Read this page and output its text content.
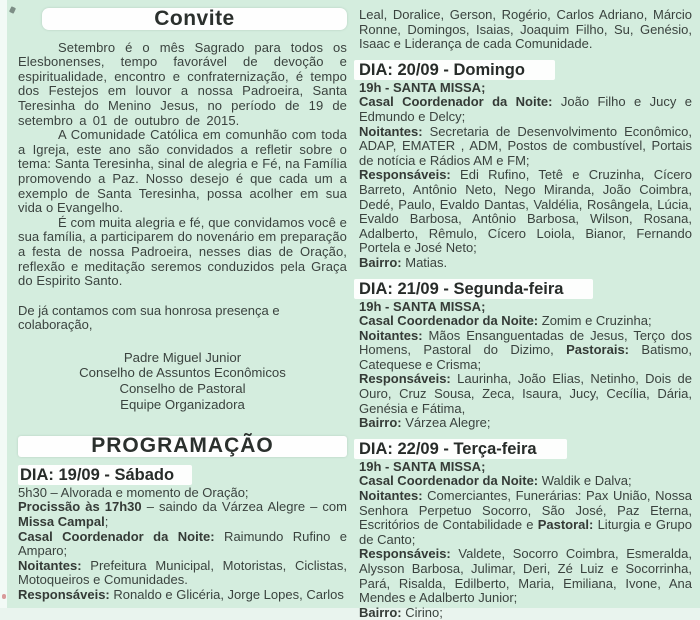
Convite

Setembro é o mês Sagrado para todos os Elesbonenses, tempo favorável de devoção e espiritualidade, encontro e confraternização, é tempo dos Festejos em louvor a nossa Padroeira, Santa Teresinha do Menino Jesus, no período de 19 de setembro a 01 de outubro de 2015.

A Comunidade Católica em comunhão com toda a Igreja, este ano são convidados a refletir sobre o tema: Santa Teresinha, sinal de alegria e Fé, na Família promovendo a Paz. Nosso desejo é que cada um a exemplo de Santa Teresinha, possa acolher em sua vida o Evangelho.

É com muita alegria e fé, que convidamos você e sua família, a participarem do novenário em preparação a festa de nossa Padroeira, nesses dias de Oração, reflexão e meditação seremos conduzidos pela Graça do Espirito Santo.

De já contamos com sua honrosa presença e colaboração,

Padre Miguel Junior
Conselho de Assuntos Econômicos
Conselho de Pastoral
Equipe Organizadora
PROGRAMAÇÃO
DIA: 19/09 - Sábado

5h30 – Alvorada e momento de Oração;

Procissão às 17h30 – saindo da Várzea Alegre – com Missa Campal;

Casal Coordenador da Noite: Raimundo Rufino e Amparo;

Noitantes: Prefeitura Municipal, Motoristas, Ciclistas, Motoqueiros e Comunidades.

Responsáveis: Ronaldo e Glicéria, Jorge Lopes, Carlos

Leal, Doralice, Gerson, Rogério, Carlos Adriano, Márcio Ronne, Domingos, Isaias, Joaquim Filho, Su, Genésio, Isaac e Liderança de cada Comunidade.

DIA: 20/09 - Domingo

19h - SANTA MISSA;

Casal Coordenador da Noite: João Filho e Jucy e Edmundo e Delcy;

Noitantes: Secretaria de Desenvolvimento Econômico, ADAP, EMATER , ADM, Postos de combustível, Portais de notícia e Rádios AM e FM;

Responsáveis: Edi Rufino, Tetê e Cruzinha, Cícero Barreto, Antônio Neto, Nego Miranda, João Coimbra, Dedé, Paulo, Evaldo Dantas, Valdélia, Rosângela, Lúcia, Evaldo Barbosa, Antônio Barbosa, Wilson, Rosana, Adalberto, Rêmulo, Cícero Loiola, Bianor, Fernando Portela e José Neto;

Bairro: Matias.

DIA: 21/09 - Segunda-feira

19h - SANTA MISSA;

Casal Coordenador da Noite: Zomim e Cruzinha;

Noitantes: Mãos Ensanguentadas de Jesus, Terço dos Homens, Pastoral do Dizimo, Pastorais: Batismo, Catequese e Crisma;

Responsáveis: Laurinha, João Elias, Netinho, Dois de Ouro, Cruz Sousa, Zeca, Isaura, Jucy, Cecília, Dária, Genésia e Fátima,

Bairro: Várzea Alegre;

DIA: 22/09 - Terça-feira

19h - SANTA MISSA;

Casal Coordenador da Noite: Waldik e Dalva;

Noitantes: Comerciantes, Funerárias: Pax União, Nossa Senhora Perpetuo Socorro, São José, Paz Eterna, Escritórios de Contabilidade e Pastoral: Liturgia e Grupo de Canto;

Responsáveis: Valdete, Socorro Coimbra, Esmeralda, Alysson Barbosa, Julimar, Deri, Zé Luiz e Socorrinha, Pará, Risalda, Edilberto, Maria, Emiliana, Ivone, Ana Mendes e Adalberto Junior;

Bairro: Cirino;
